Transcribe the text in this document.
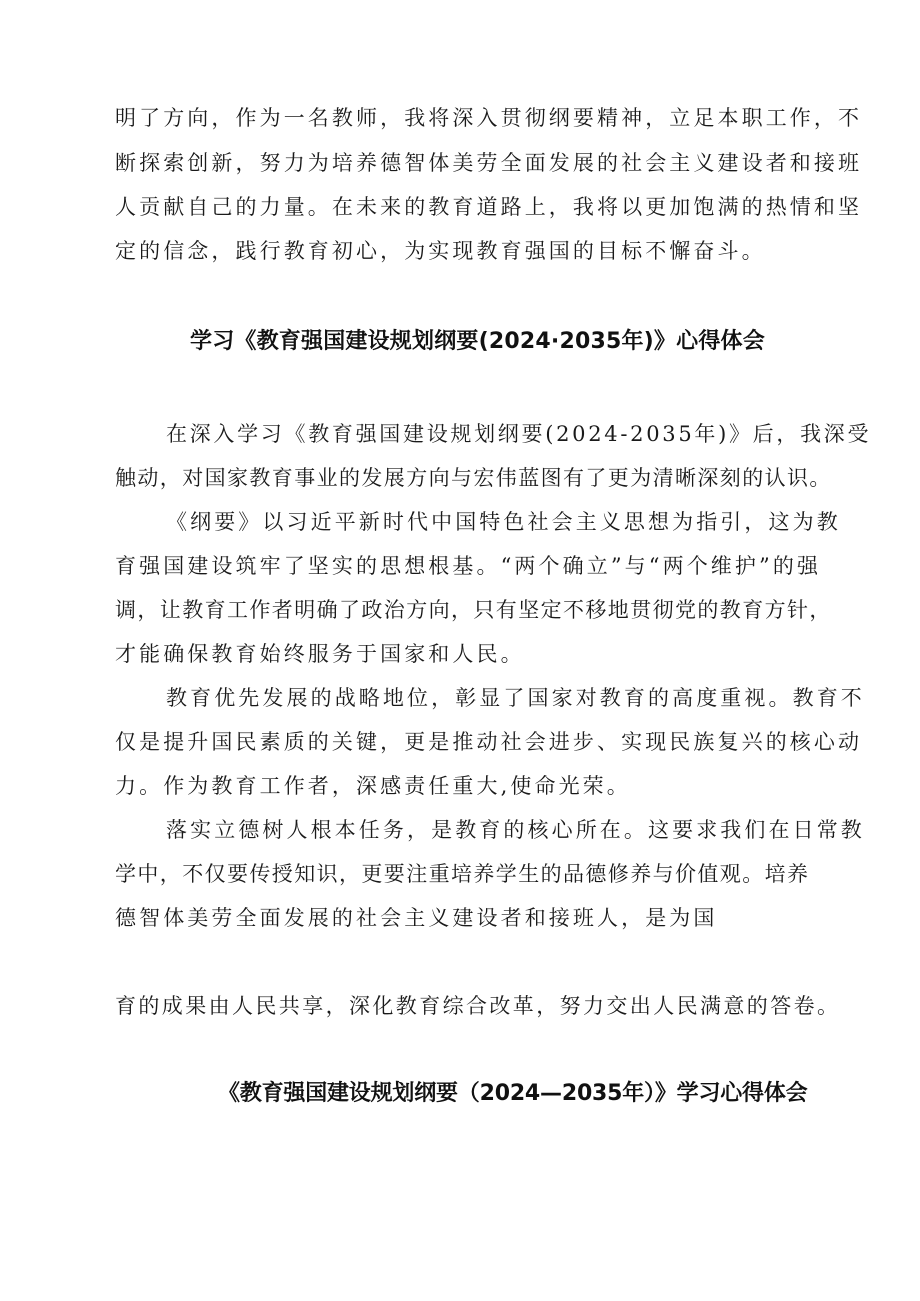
明了方向，作为一名教师，我将深入贯彻纲要精神，立足本职工作，不

断探索创新，努力为培养德智体美劳全面发展的社会主义建设者和接班

人贡献自己的力量。在未来的教育道路上，我将以更加饱满的热情和坚

定的信念，践行教育初心，为实现教育强国的目标不懈奋斗。

学习《教育强国建设规划纲要(2024·2035年)》心得体会

在深入学习《教育强国建设规划纲要(2024-2035年)》后，我深受

触动，对国家教育事业的发展方向与宏伟蓝图有了更为清晰深刻的认识。

《纲要》以习近平新时代中国特色社会主义思想为指引，这为教

育强国建设筑牢了坚实的思想根基。“两个确立”与“两个维护”的强

调，让教育工作者明确了政治方向，只有坚定不移地贯彻党的教育方针，

才能确保教育始终服务于国家和人民。

教育优先发展的战略地位，彰显了国家对教育的高度重视。教育不

仅是提升国民素质的关键，更是推动社会进步、实现民族复兴的核心动

力。作为教育工作者，深感责任重大,使命光荣。

落实立德树人根本任务，是教育的核心所在。这要求我们在日常教

学中，不仅要传授知识，更要注重培养学生的品德修养与价值观。培养

德智体美劳全面发展的社会主义建设者和接班人，是为国

育的成果由人民共享，深化教育综合改革，努力交出人民满意的答卷。

《教育强国建设规划纲要（2024—2035年）》学习心得体会
